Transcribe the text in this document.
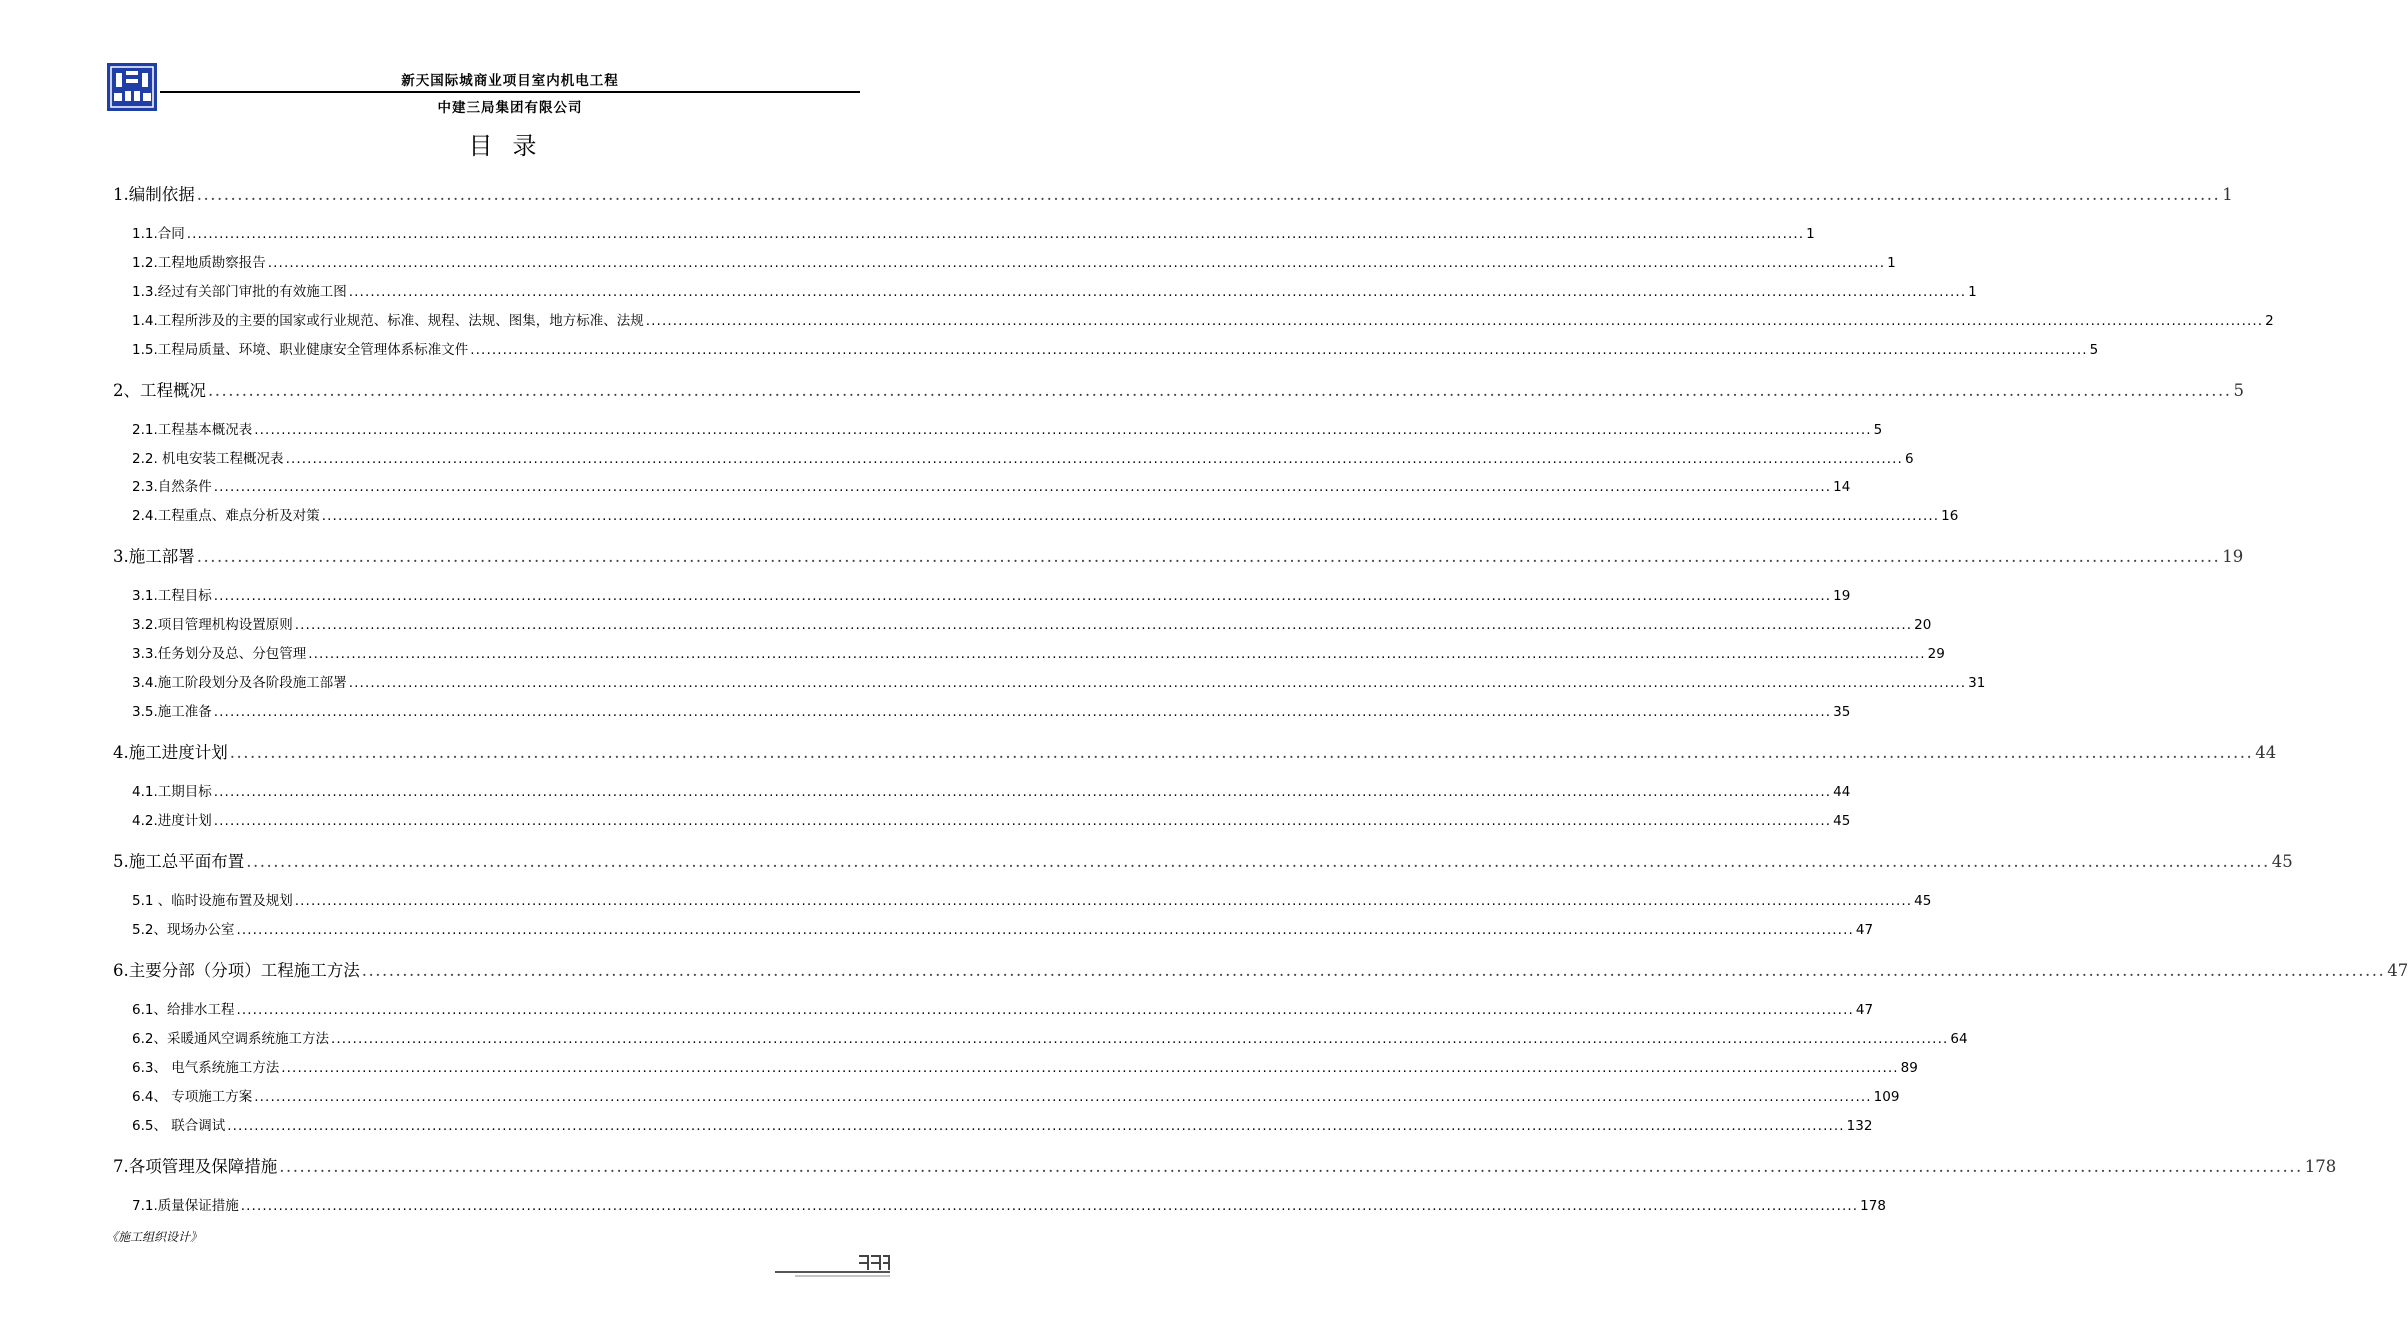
新天国际城商业项目室内机电工程
中建三局集团有限公司
目录
1.编制依据 ............................................................................................................................................................................................................................................................................................................ 1
1.1.合同 ............................................................................................................................................................................................................................................................................................................ 1
1.2.工程地质勘察报告 ............................................................................................................................................................................................................................................................................................................ 1
1.3.经过有关部门审批的有效施工图 ............................................................................................................................................................................................................................................................................................................ 1
1.4.工程所涉及的主要的国家或行业规范、标准、规程、法规、图集，地方标准、法规 ............................................................................................................................................................................................................................................................................................................ 2
1.5.工程局质量、环境、职业健康安全管理体系标准文件 ............................................................................................................................................................................................................................................................................................................ 5
2、工程概况 ............................................................................................................................................................................................................................................................................................................ 5
2.1.工程基本概况表 ............................................................................................................................................................................................................................................................................................................ 5
2.2. 机电安装工程概况表 ............................................................................................................................................................................................................................................................................................................ 6
2.3.自然条件 ............................................................................................................................................................................................................................................................................................................ 14
2.4.工程重点、难点分析及对策 ............................................................................................................................................................................................................................................................................................................ 16
3.施工部署 ............................................................................................................................................................................................................................................................................................................ 19
3.1.工程目标 ............................................................................................................................................................................................................................................................................................................ 19
3.2.项目管理机构设置原则 ............................................................................................................................................................................................................................................................................................................ 20
3.3.任务划分及总、分包管理 ............................................................................................................................................................................................................................................................................................................ 29
3.4.施工阶段划分及各阶段施工部署 ............................................................................................................................................................................................................................................................................................................ 31
3.5.施工准备 ............................................................................................................................................................................................................................................................................................................ 35
4.施工进度计划 ............................................................................................................................................................................................................................................................................................................ 44
4.1.工期目标 ............................................................................................................................................................................................................................................................................................................ 44
4.2.进度计划 ............................................................................................................................................................................................................................................................................................................ 45
5.施工总平面布置 ............................................................................................................................................................................................................................................................................................................ 45
5.1 、临时设施布置及规划 ............................................................................................................................................................................................................................................................................................................ 45
5.2、现场办公室 ............................................................................................................................................................................................................................................................................................................ 47
6.主要分部（分项）工程施工方法 ............................................................................................................................................................................................................................................................................................................ 47
6.1、给排水工程 ............................................................................................................................................................................................................................................................................................................ 47
6.2、采暖通风空调系统施工方法 ............................................................................................................................................................................................................................................................................................................ 64
6.3、 电气系统施工方法 ............................................................................................................................................................................................................................................................................................................ 89
6.4、 专项施工方案 ............................................................................................................................................................................................................................................................................................................ 109
6.5、 联合调试 ............................................................................................................................................................................................................................................................................................................ 132
7.各项管理及保障措施 ............................................................................................................................................................................................................................................................................................................ 178
7.1.质量保证措施 ............................................................................................................................................................................................................................................................................................................ 178
《施工组织设计》
